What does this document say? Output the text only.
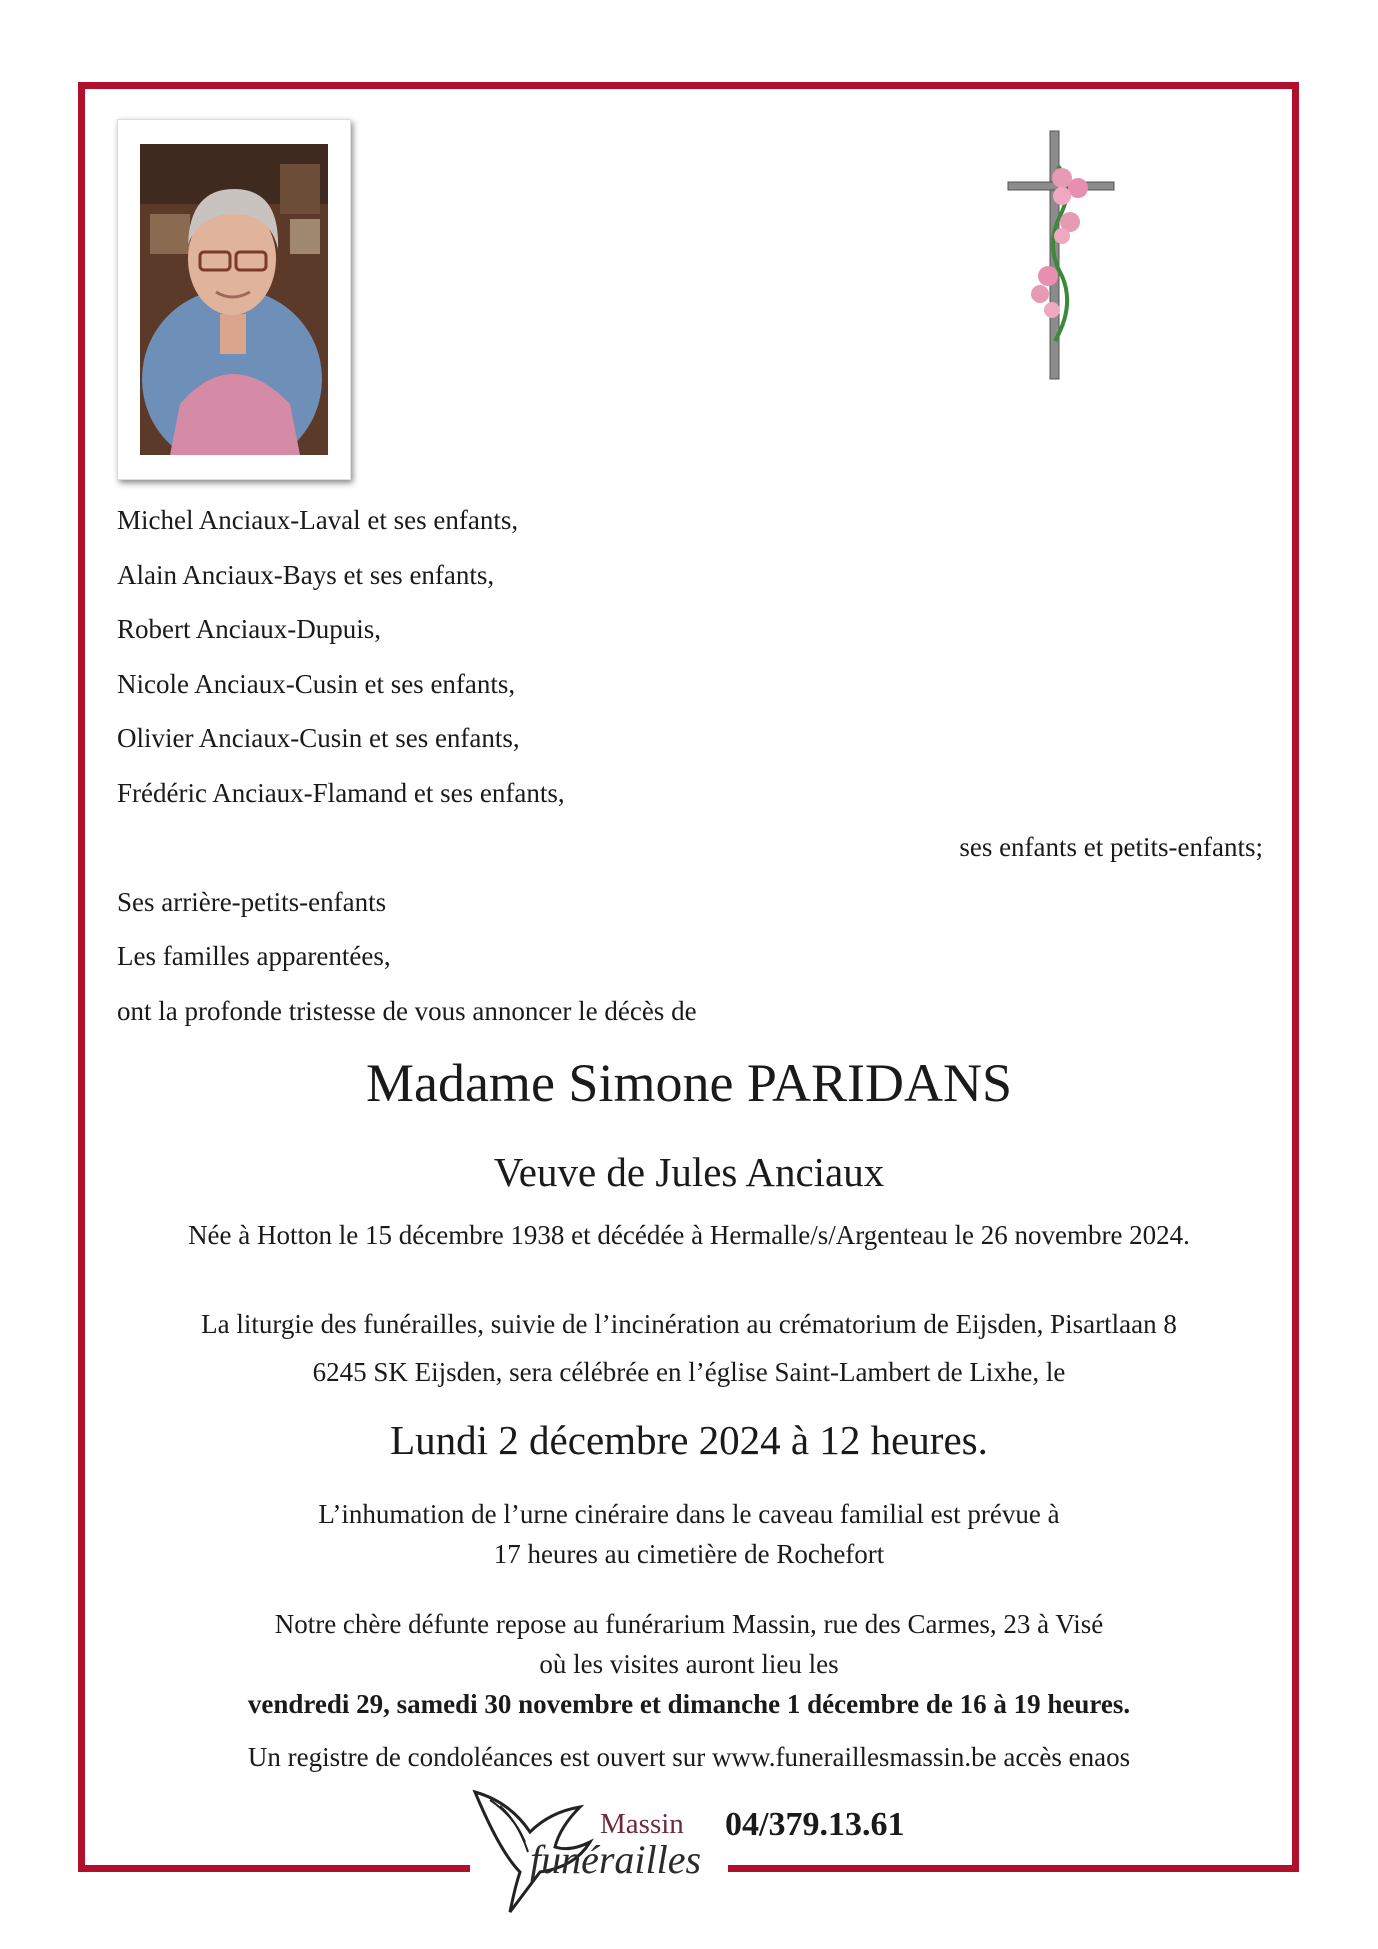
Michel Anciaux-Laval et ses enfants,
Alain Anciaux-Bays et ses enfants,
Robert Anciaux-Dupuis,
Nicole Anciaux-Cusin et ses enfants,
Olivier Anciaux-Cusin et ses enfants,
Frédéric Anciaux-Flamand et ses enfants,
ses enfants et petits-enfants;
Ses arrière-petits-enfants
Les familles apparentées,
ont la profonde tristesse de vous annoncer le décès de
Madame Simone PARIDANS
Veuve de Jules Anciaux
Née à Hotton le 15 décembre 1938 et décédée à Hermalle/s/Argenteau le 26 novembre 2024.
La liturgie des funérailles, suivie de l’incinération au crématorium de Eijsden, Pisartlaan 8
6245 SK Eijsden, sera célébrée en l’église Saint-Lambert de Lixhe, le
Lundi 2 décembre 2024 à 12 heures.
L’inhumation de l’urne cinéraire dans le caveau familial est prévue à
17 heures au cimetière de Rochefort
Notre chère défunte repose au funérarium Massin, rue des Carmes, 23 à Visé
où les visites auront lieu les
vendredi 29, samedi 30 novembre et dimanche 1 décembre de 16 à 19 heures.
Un registre de condoléances est ouvert sur www.funeraillesmassin.be accès enaos
Massin
funérailles
04/379.13.61
